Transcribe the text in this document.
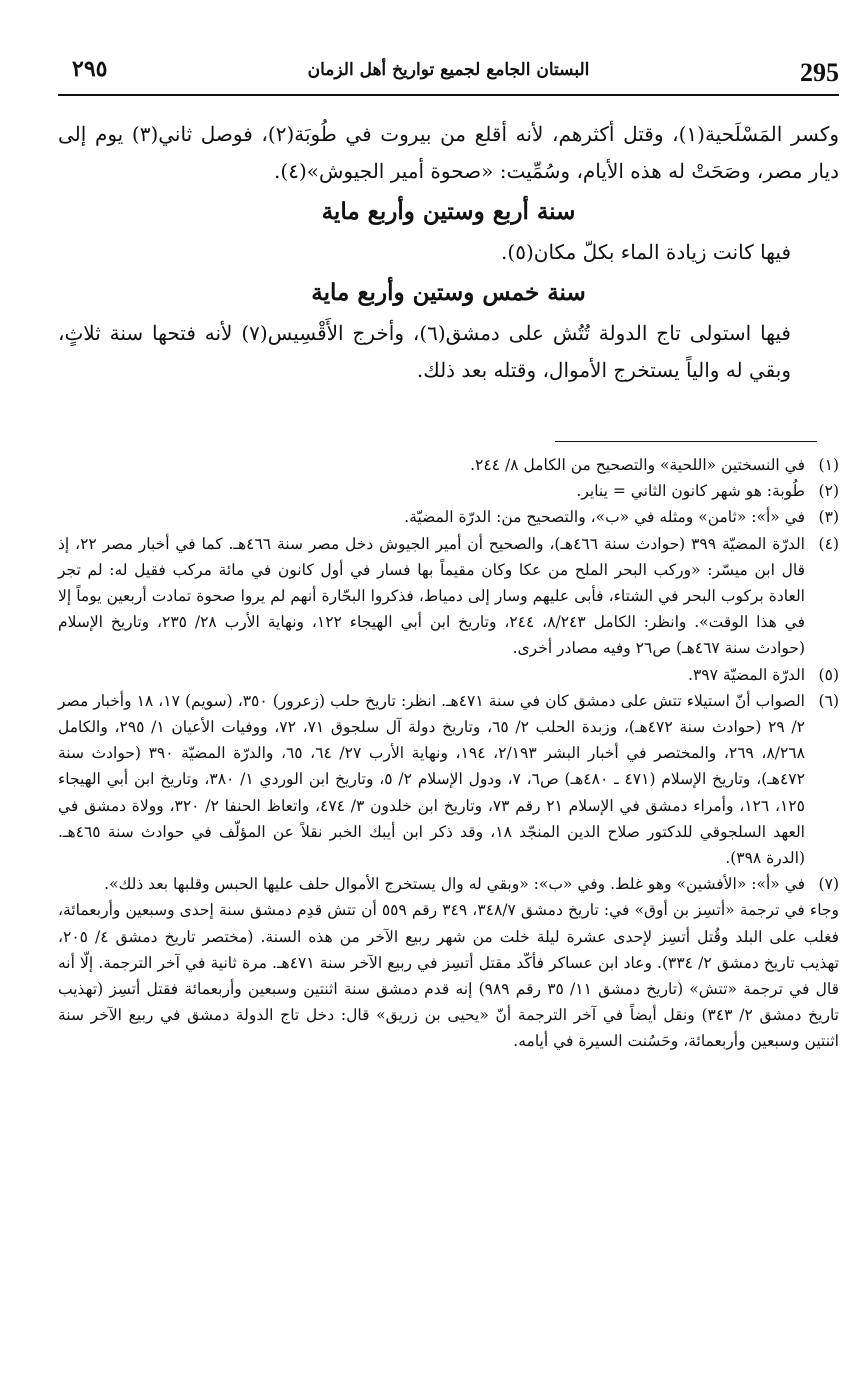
295
البستان الجامع لجميع تواريخ أهل الزمان
٢٩٥

وكسر المَسْلَحية(١)، وقتل أكثرهم، لأنه أقلع من بيروت في طُوبَة(٢)، فوصل ثاني(٣) يوم إلى ديار مصر، وصَحَتْ له هذه الأيام، وسُمِّيت: «صحوة أمير الجيوش»(٤).

سنة أربع وستين وأربع ماية

فيها كانت زيادة الماء بكلّ مكان(٥).

سنة خمس وستين وأربع ماية

فيها استولى تاج الدولة تُتُش على دمشق(٦)، وأخرج الأَقْسِيس(٧) لأنه فتحها سنة ثلاثٍ، وبقي له والياً يستخرج الأموال، وقتله بعد ذلك.

(١)
في النسختين «اللحية» والتصحيح من الكامل ٨/ ٢٤٤.
(٢)
طُوبة: هو شهر كانون الثاني = يناير.
(٣)
في «أ»: «ثامن» ومثله في «ب»، والتصحيح من: الدرّة المضيّة.
(٤)
الدرّة المضيّة ٣٩٩ (حوادث سنة ٤٦٦هـ)، والصحيح أن أمير الجيوش دخل مصر سنة ٤٦٦هـ. كما في أخبار مصر ٢٢، إذ قال ابن ميسّر: «وركب البحر الملح من عكا وكان مقيماً بها فسار في أول كانون في مائة مركب فقيل له: لم تجر العادة بركوب البحر في الشتاء، فأبى عليهم وسار إلى دمياط، فذكروا البحّارة أنهم لم يروا صحوة تمادت أربعين يوماً إلا في هذا الوقت». وانظر: الكامل ٨/٢٤٣، ٢٤٤، وتاريخ ابن أبي الهيجاء ١٢٢، ونهاية الأرب ٢٨/ ٢٣٥، وتاريخ الإسلام (حوادث سنة ٤٦٧هـ) ص٢٦ وفيه مصادر أخرى.
(٥)
الدرّة المضيّة ٣٩٧.
(٦)
الصواب أنّ استيلاء تتش على دمشق كان في سنة ٤٧١هـ. انظر: تاريخ حلب (زعرور) ٣٥٠، (سويم) ١٧، ١٨ وأخبار مصر ٢/ ٢٩ (حوادث سنة ٤٧٢هـ)، وزبدة الحلب ٢/ ٦٥، وتاريخ دولة آل سلجوق ٧١، ٧٢، ووفيات الأعيان ١/ ٢٩٥، والكامل ٨/٢٦٨، ٢٦٩، والمختصر في أخبار البشر ٢/١٩٣، ١٩٤، ونهاية الأرب ٢٧/ ٦٤، ٦٥، والدرّة المضيّة ٣٩٠ (حوادث سنة ٤٧٢هـ)، وتاريخ الإسلام (٤٧١ ـ ٤٨٠هـ) ص٦، ٧، ودول الإسلام ٢/ ٥، وتاريخ ابن الوردي ١/ ٣٨٠، وتاريخ ابن أبي الهيجاء ١٢٥، ١٢٦، وأمراء دمشق في الإسلام ٢١ رقم ٧٣، وتاريخ ابن خلدون ٣/ ٤٧٤، واتعاظ الحنفا ٢/ ٣٢٠، وولاة دمشق في العهد السلجوقي للدكتور صلاح الدين المنجّد ١٨، وقد ذكر ابن أيبك الخبر نقلاً عن المؤلّف في حوادث سنة ٤٦٥هـ. (الدرة ٣٩٨).
(٧)
في «أ»: «الأفشين» وهو غلط. وفي «ب»: «وبقي له وال يستخرج الأموال حلف عليها الحبس وقلبها بعد ذلك».

وجاء في ترجمة «أتسِز بن أوق» في: تاريخ دمشق ٣٤٨/٧، ٣٤٩ رقم ٥٥٩ أن تتش قدِم دمشق سنة إحدى وسبعين وأربعمائة، فغلب على البلد وقُتل أتسِز لإحدى عشرة ليلة خلت من شهر ربيع الآخر من هذه السنة. (مختصر تاريخ دمشق ٤/ ٢٠٥، تهذيب تاريخ دمشق ٢/ ٣٣٤). وعاد ابن عساكر فأكّد مقتل أتسِز في ربيع الآخر سنة ٤٧١هـ. مرة ثانية في آخر الترجمة. إلّا أنه قال في ترجمة «تتش» (تاريخ دمشق ١١/ ٣٥ رقم ٩٨٩) إنه قدم دمشق سنة اثنتين وسبعين وأربعمائة فقتل أتسِز (تهذيب تاريخ دمشق ٢/ ٣٤٣) ونقل أيضاً في آخر الترجمة أنّ «يحيى بن زريق» قال: دخل تاج الدولة دمشق في ربيع الآخر سنة اثنتين وسبعين وأربعمائة، وحَسُنت السيرة في أيامه.
